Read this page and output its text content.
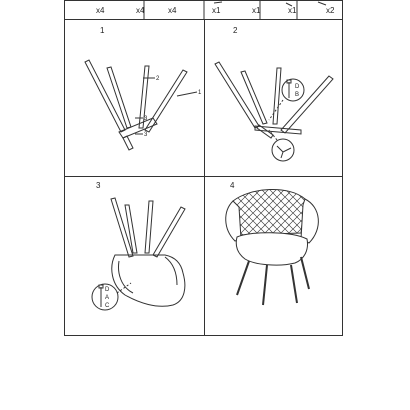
x4	x4	x4	x1	x1	x1	x2
1	2
3	4
2
1
3
3
D
B
D
A
C
